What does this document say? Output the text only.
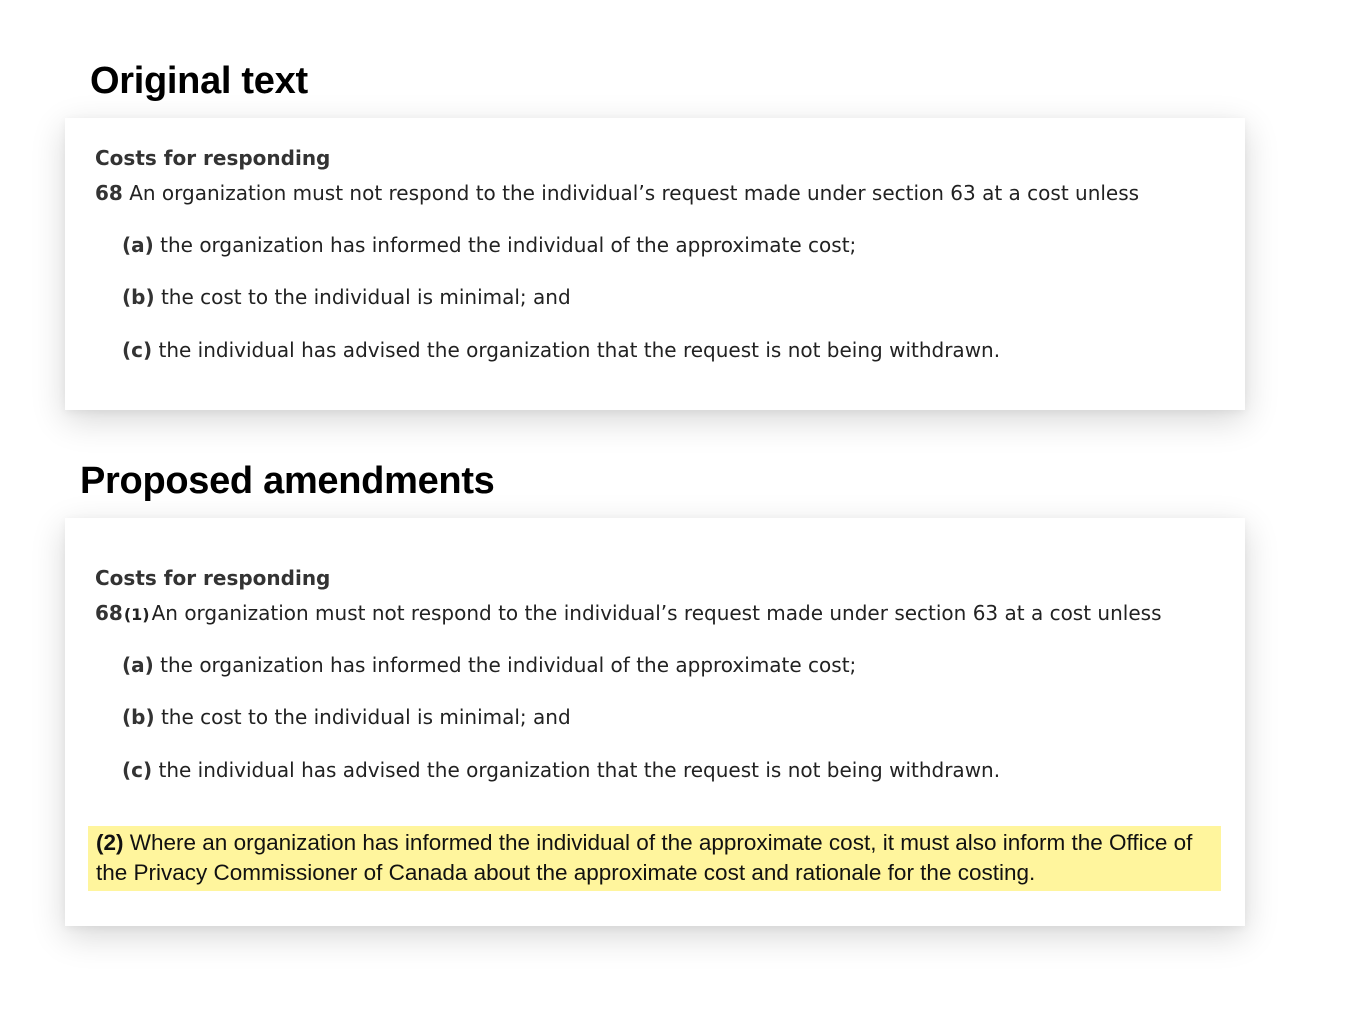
Original text

Costs for responding

68 An organization must not respond to the individual’s request made under section 63 at a cost unless

(a) the organization has informed the individual of the approximate cost;

(b) the cost to the individual is minimal; and

(c) the individual has advised the organization that the request is not being withdrawn.

Proposed amendments

Costs for responding

68(1) An organization must not respond to the individual’s request made under section 63 at a cost unless

(a) the organization has informed the individual of the approximate cost;

(b) the cost to the individual is minimal; and

(c) the individual has advised the organization that the request is not being withdrawn.

(2) Where an organization has informed the individual of the approximate cost, it must also inform the Office of the Privacy Commissioner of Canada about the approximate cost and rationale for the costing.
